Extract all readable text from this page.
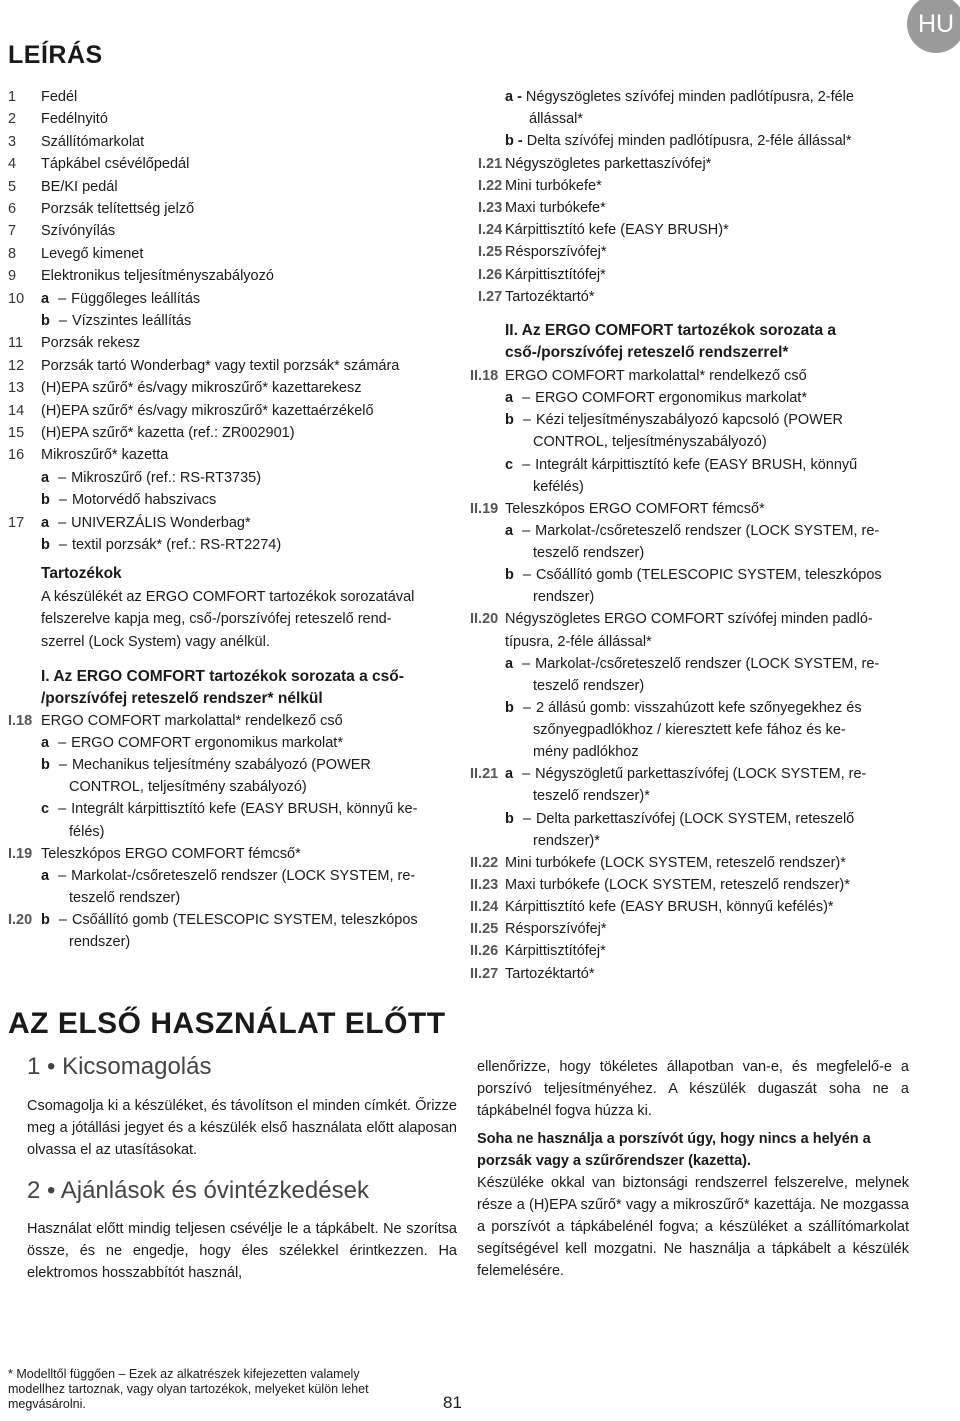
HU
LEÍRÁS
1 Fedél
2 Fedélnyitó
3 Szállítómarkolat
4 Tápkábel csévélőpedál
5 BE/KI pedál
6 Porzsák telítettség jelző
7 Szívónyílás
8 Levegő kimenet
9 Elektronikus teljesítményszabályozó
10 a – Függőleges leállítás
b – Vízszintes leállítás
11 Porzsák rekesz
12 Porzsák tartó Wonderbag* vagy textil porzsák* számára
13 (H)EPA szűrő* és/vagy mikroszűrő* kazettarekesz
14 (H)EPA szűrő* és/vagy mikroszűrő* kazettaérzékelő
15 (H)EPA szűrő* kazetta (ref.: ZR002901)
16 Mikroszűrő* kazetta
a – Mikroszűrő (ref.: RS-RT3735)
b – Motorvédő habszivacs
17 a – UNIVERZÁLIS Wonderbag*
b – textil porzsák* (ref.: RS-RT2274)
Tartozékok
A készülékét az ERGO COMFORT tartozékok sorozatával
felszerelve kapja meg, cső-/porszívófej reteszelő rend-
szerrel (Lock System) vagy anélkül.
I. Az ERGO COMFORT tartozékok sorozata a cső-
/porszívófej reteszelő rendszer* nélkül
I.18 ERGO COMFORT markolattal* rendelkező cső
a – ERGO COMFORT ergonomikus markolat*
b – Mechanikus teljesítmény szabályozó (POWER
CONTROL, teljesítmény szabályozó)
c – Integrált kárpittisztító kefe (EASY BRUSH, könnyű ke-
félés)
I.19 Teleszkópos ERGO COMFORT fémcső*
a – Markolat-/csőreteszelő rendszer (LOCK SYSTEM, re-
teszelő rendszer)
I.20 b – Csőállító gomb (TELESCOPIC SYSTEM, teleszkópos
rendszer)
a - Négyszögletes szívófej minden padlótípusra, 2-féle
állással*
b - Delta szívófej minden padlótípusra, 2-féle állással*
I.21 Négyszögletes parkettaszívófej*
I.22 Mini turbókefe*
I.23 Maxi turbókefe*
I.24 Kárpittisztító kefe (EASY BRUSH)*
I.25 Résporszívófej*
I.26 Kárpittisztítófej*
I.27 Tartozéktartó*
II. Az ERGO COMFORT tartozékok sorozata a
cső-/porszívófej reteszelő rendszerrel*
II.18 ERGO COMFORT markolattal* rendelkező cső
a – ERGO COMFORT ergonomikus markolat*
b – Kézi teljesítményszabályozó kapcsoló (POWER
CONTROL, teljesítményszabályozó)
c – Integrált kárpittisztító kefe (EASY BRUSH, könnyű
kefélés)
II.19 Teleszkópos ERGO COMFORT fémcső*
a – Markolat-/csőreteszelő rendszer (LOCK SYSTEM, re-
teszelő rendszer)
b – Csőállító gomb (TELESCOPIC SYSTEM, teleszkópos
rendszer)
II.20 Négyszögletes ERGO COMFORT szívófej minden padló-
típusra, 2-féle állással*
a – Markolat-/csőreteszelő rendszer (LOCK SYSTEM, re-
teszelő rendszer)
b – 2 állású gomb: visszahúzott kefe szőnyegekhez és
szőnyegpadlókhoz / kieresztett kefe fához és ke-
mény padlókhoz
II.21 a – Négyszögletű parkettaszívófej (LOCK SYSTEM, re-
teszelő rendszer)*
b – Delta parkettaszívófej (LOCK SYSTEM, reteszelő
rendszer)*
II.22 Mini turbókefe (LOCK SYSTEM, reteszelő rendszer)*
II.23 Maxi turbókefe (LOCK SYSTEM, reteszelő rendszer)*
II.24 Kárpittisztító kefe (EASY BRUSH, könnyű kefélés)*
II.25 Résporszívófej*
II.26 Kárpittisztítófej*
II.27 Tartozéktartó*
AZ ELSŐ HASZNÁLAT ELŐTT
1 • Kicsomagolás
Csomagolja ki a készüléket, és távolítson el minden címkét. Őrizze meg a jótállási jegyet és a készülék első használata előtt alaposan olvassa el az utasításokat.
2 • Ajánlások és óvintézkedések
Használat előtt mindig teljesen csévélje le a tápkábelt. Ne szorítsa össze, és ne engedje, hogy éles szélekkel érintkezzen. Ha elektromos hosszabbítót használ,
ellenőrizze, hogy tökéletes állapotban van-e, és megfelelő-e a porszívó teljesítményéhez. A készülék dugaszát soha ne a tápkábelnél fogva húzza ki.
Soha ne használja a porszívót úgy, hogy nincs a helyén a porzsák vagy a szűrőrendszer (kazetta).
Készüléke okkal van biztonsági rendszerrel felszerelve, melynek része a (H)EPA szűrő* vagy a mikroszűrő* kazettája. Ne mozgassa a porszívót a tápkábelénél fogva; a készüléket a szállítómarkolat segítségével kell mozgatni. Ne használja a tápkábelt a készülék felemelésére.
* Modelltől függően – Ezek az alkatrészek kifejezetten valamely modellhez tartoznak, vagy olyan tartozékok, melyeket külön lehet megvásárolni.	81
